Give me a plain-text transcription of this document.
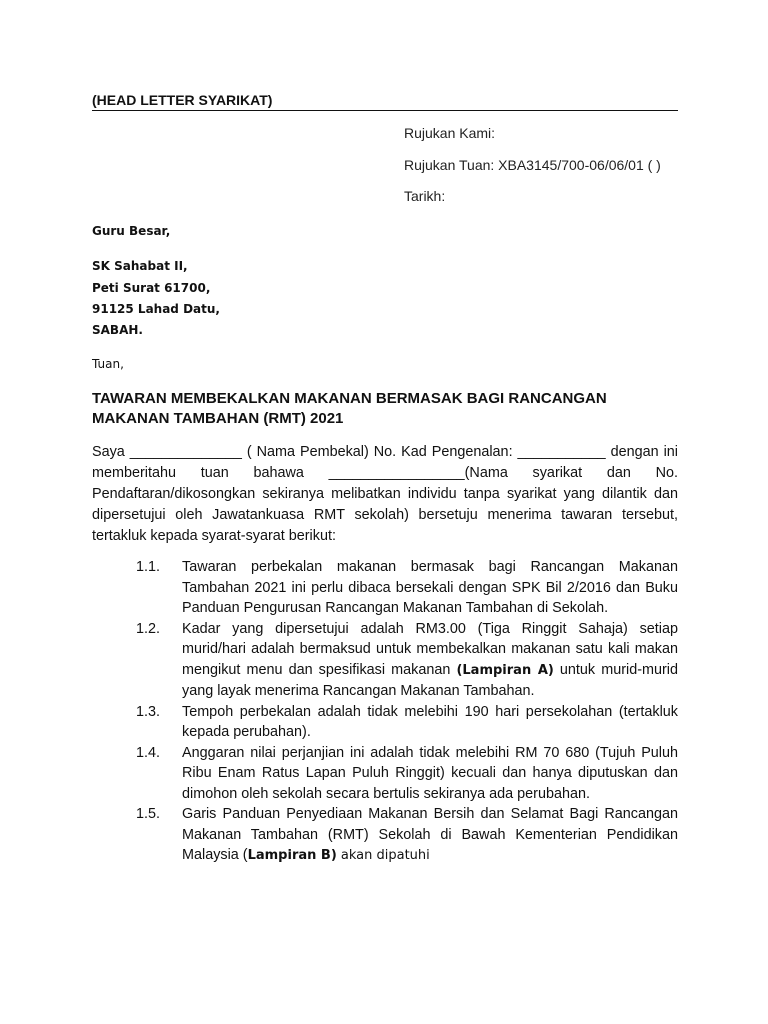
(HEAD LETTER SYARIKAT)
Rujukan Kami:
Rujukan Tuan: XBA3145/700-06/06/01 ( )
Tarikh:
Guru Besar,
SK Sahabat II,
Peti Surat 61700,
91125 Lahad Datu,
SABAH.
Tuan,
TAWARAN MEMBEKALKAN MAKANAN BERMASAK BAGI RANCANGAN MAKANAN TAMBAHAN (RMT) 2021
Saya ______________ ( Nama Pembekal) No. Kad Pengenalan: ___________ dengan ini memberitahu tuan bahawa _________________(Nama syarikat dan No. Pendaftaran/dikosongkan sekiranya melibatkan individu tanpa syarikat yang dilantik dan dipersetujui oleh Jawatankuasa RMT sekolah) bersetuju menerima tawaran tersebut, tertakluk kepada syarat-syarat berikut:
1.1.	Tawaran perbekalan makanan bermasak bagi Rancangan Makanan Tambahan 2021 ini perlu dibaca bersekali dengan SPK Bil 2/2016 dan Buku Panduan Pengurusan Rancangan Makanan Tambahan di Sekolah.
1.2.	Kadar yang dipersetujui adalah RM3.00 (Tiga Ringgit Sahaja) setiap murid/hari adalah bermaksud untuk membekalkan makanan satu kali makan mengikut menu dan spesifikasi makanan (Lampiran A) untuk murid-murid yang layak menerima Rancangan Makanan Tambahan.
1.3.	Tempoh perbekalan adalah tidak melebihi 190 hari persekolahan (tertakluk kepada perubahan).
1.4.	Anggaran nilai perjanjian ini adalah tidak melebihi RM 70 680 (Tujuh Puluh Ribu Enam Ratus Lapan Puluh Ringgit) kecuali dan hanya diputuskan dan dimohon oleh sekolah secara bertulis sekiranya ada perubahan.
1.5.	Garis Panduan Penyediaan Makanan Bersih dan Selamat Bagi Rancangan Makanan Tambahan (RMT) Sekolah di Bawah Kementerian Pendidikan Malaysia (Lampiran B) akan dipatuhi
